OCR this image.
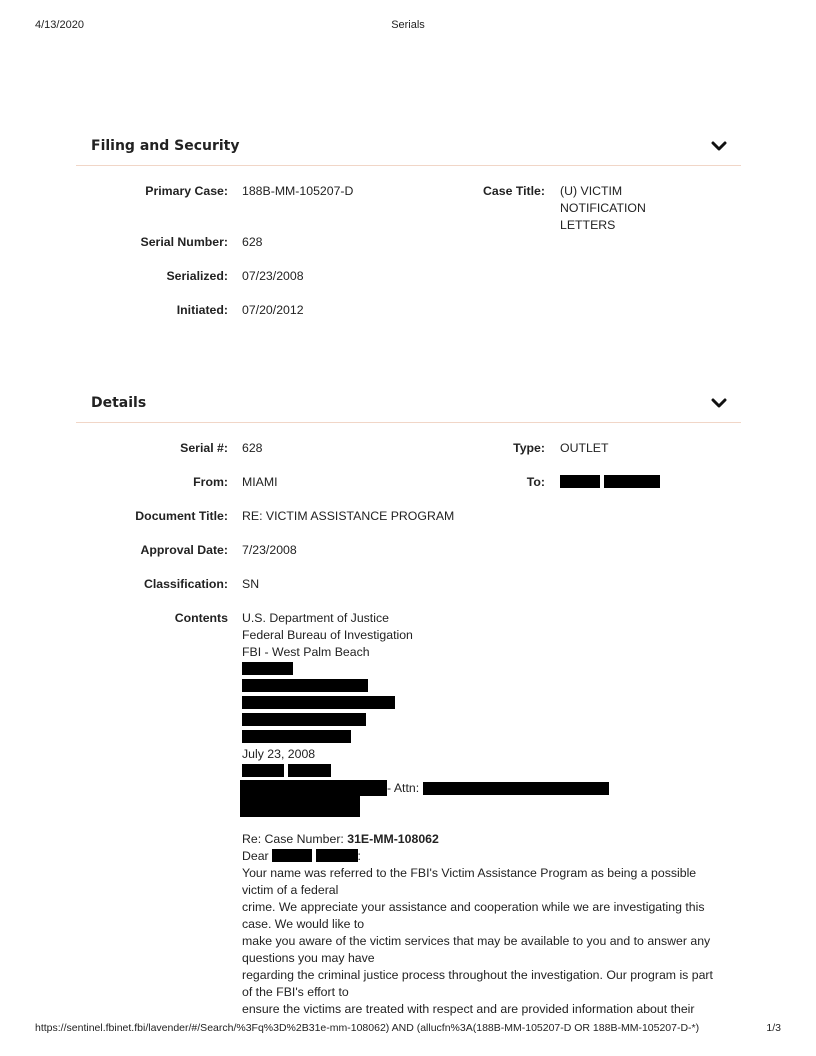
4/13/2020	Serials
Filing and Security
Primary Case: 188B-MM-105207-D	Case Title: (U) VICTIM NOTIFICATION LETTERS
Serial Number: 628
Serialized: 07/23/2008
Initiated: 07/20/2012
Details
Serial #: 628	Type: OUTLET
From: MIAMI	To:

Document Title: RE: VICTIM ASSISTANCE PROGRAM
Approval Date: 7/23/2008
Classification: SN
Contents U.S. Department of Justice
Federal Bureau of Investigation
FBI - West Palm Beach
July 23, 2008

- Attn:
Re: Case Number: 31E-MM-108062
Dear	:
Your name was referred to the FBI's Victim Assistance Program as being a possible
victim of a federal
crime. We appreciate your assistance and cooperation while we are investigating this
case. We would like to
make you aware of the victim services that may be available to you and to answer any
questions you may have
regarding the criminal justice process throughout the investigation. Our program is part
of the FBI's effort to
ensure the victims are treated with respect and are provided information about their
https://sentinel.fbinet.fbi/lavender/#/Search/%3Fq%3D%2B31e-mm-108062) AND (allucfn%3A(188B-MM-105207-D OR 188B-MM-105207-D-*)	1/3
